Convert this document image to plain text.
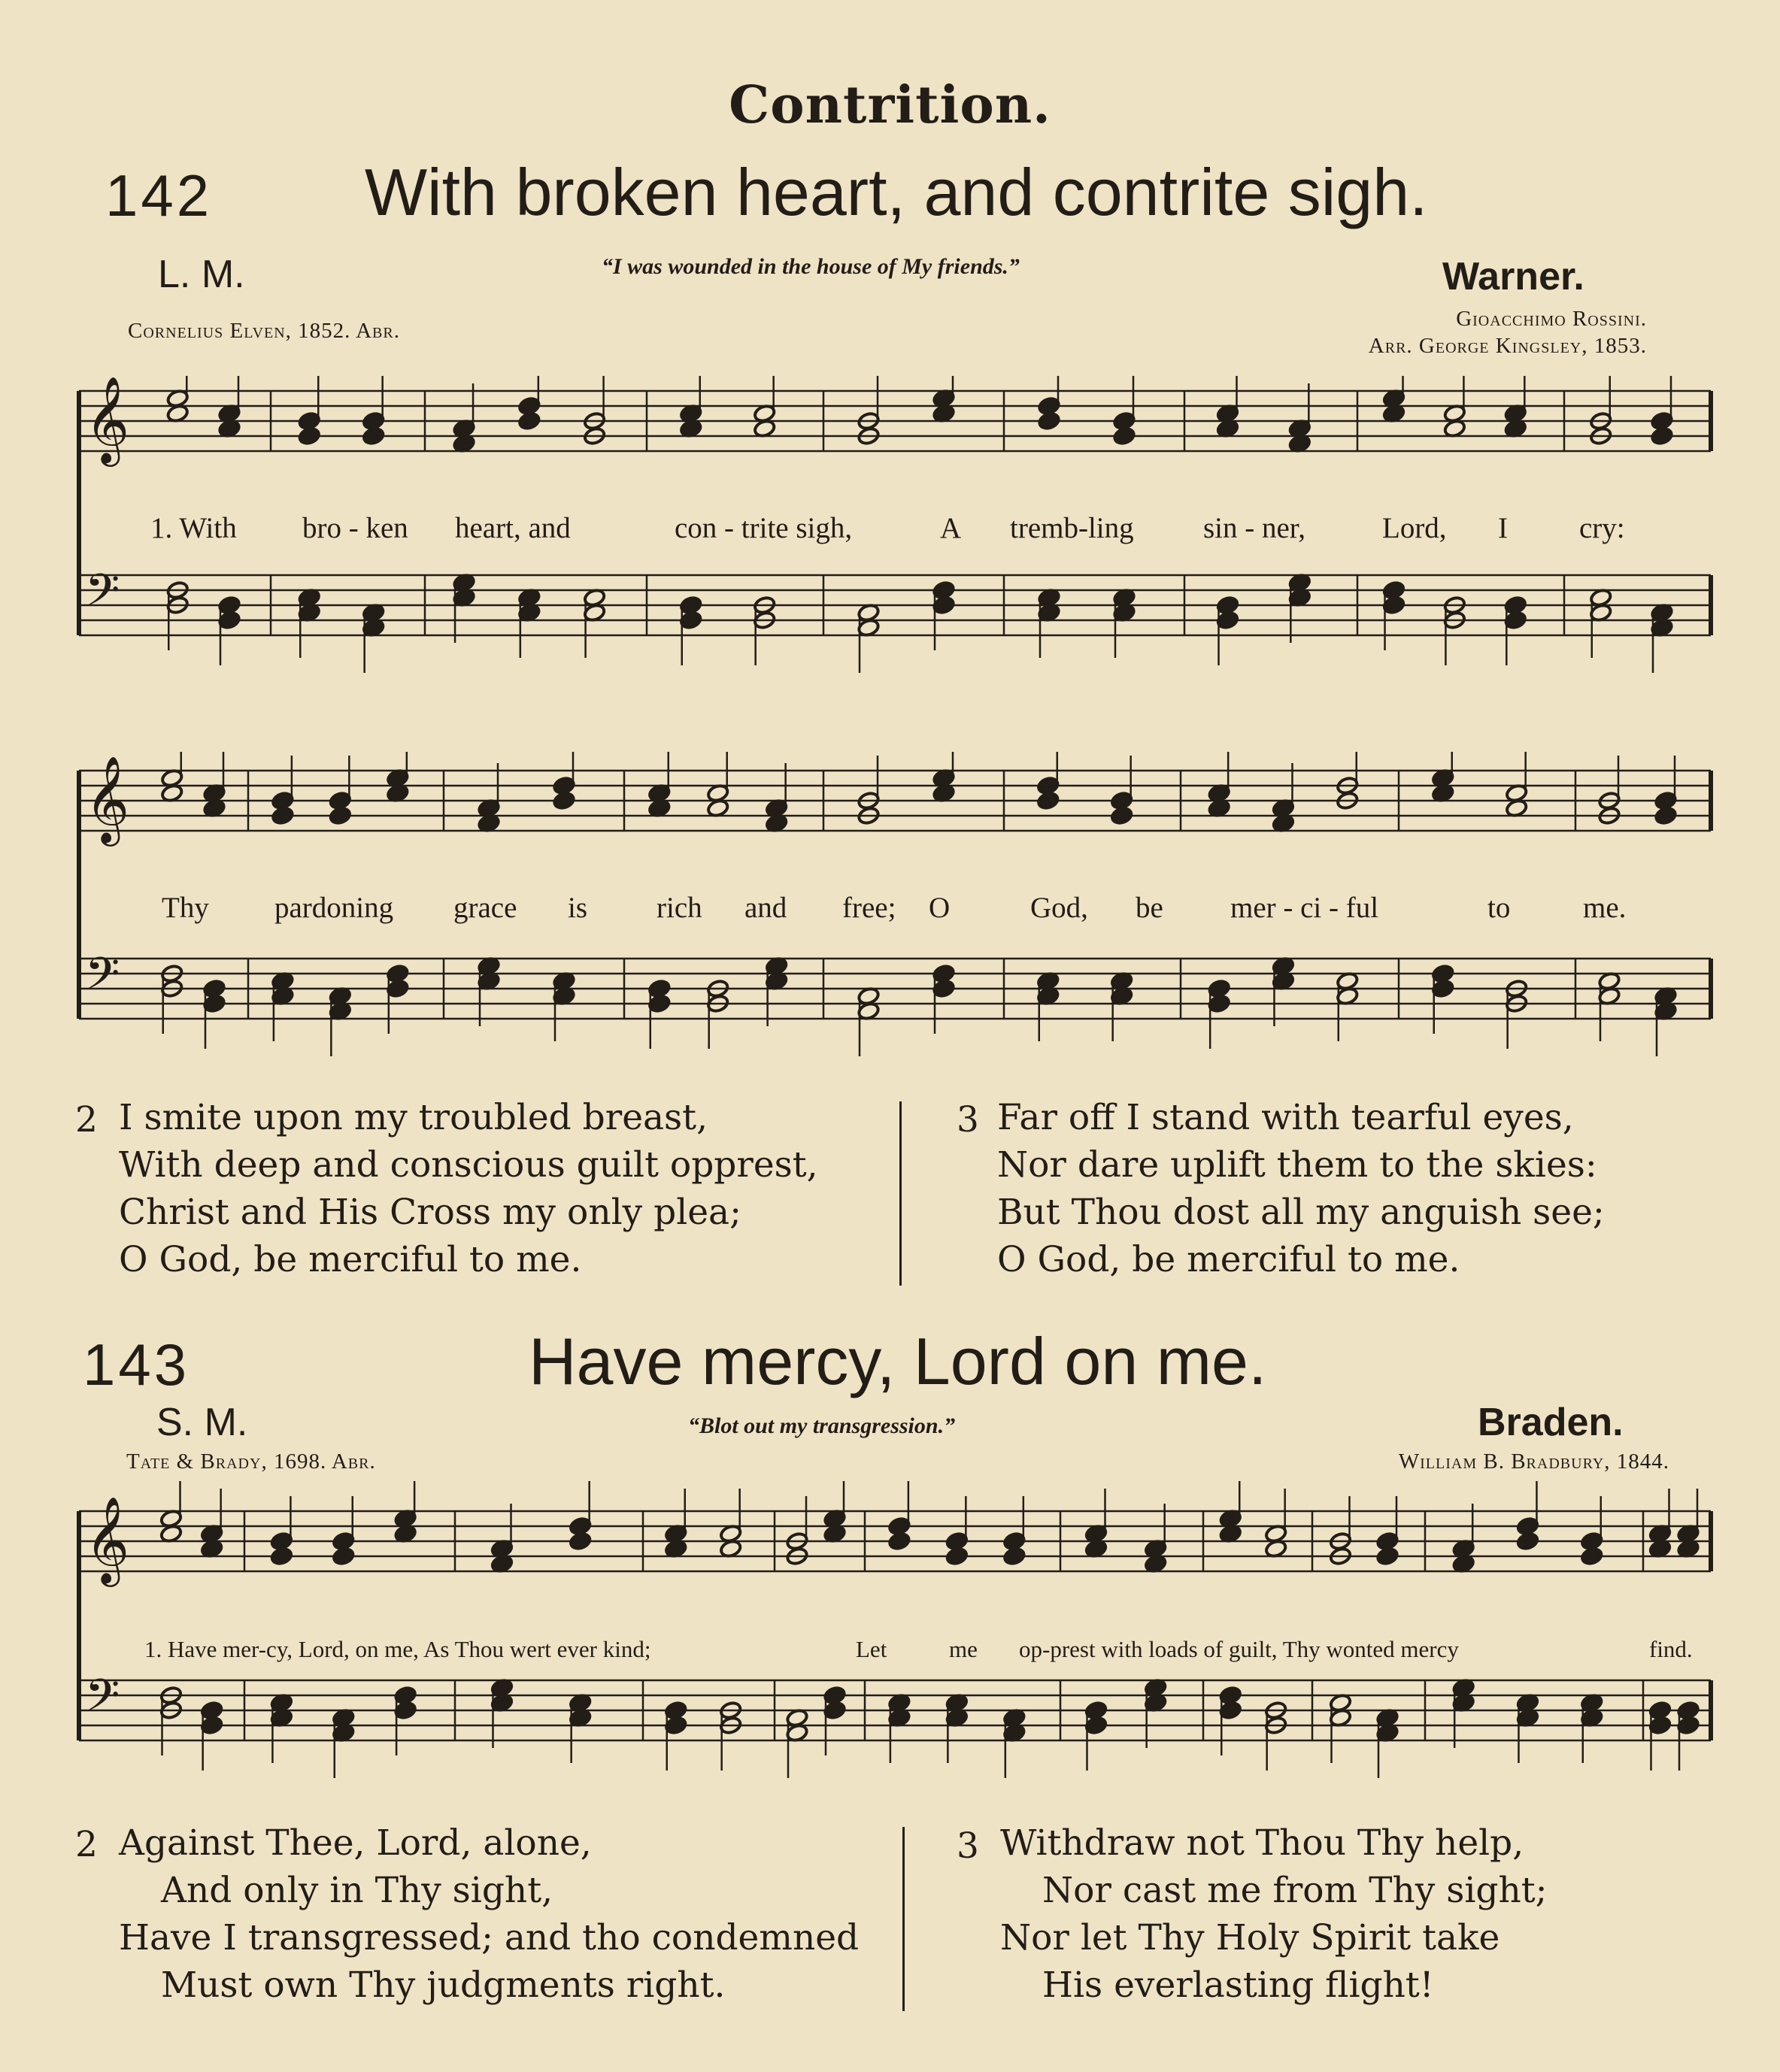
Contrition.
142 With broken heart, and contrite sigh.
L. M.	“I was wounded in the house of My friends.”	Warner.
Cornelius Elven, 1852. Abr.	Gioacchimo Rossini.
Arr. George Kingsley, 1853.
𝄞
𝄢
1. With bro - ken heart, and	con - trite sigh,	A tremb-ling sin - ner,	Lord, I cry:
𝄞
𝄢
Thy pardoning grace is rich and free; O	God, be mer - ci - ful	to me.
2 I smite upon my troubled breast,
With deep and conscious guilt opprest,
Christ and His Cross my only plea;
O God, be merciful to me.
3 Far off I stand with tearful eyes,
Nor dare uplift them to the skies:
But Thou dost all my anguish see;
O God, be merciful to me.
143	Have mercy, Lord on me.
S. M.	“Blot out my transgression.”	Braden.
Tate & Brady, 1698. Abr.	William B. Bradbury, 1844.
𝄞
𝄢
1. Have mer-cy, Lord, on me, As Thou wert ever kind;	Let	me op-prest with loads of guilt, Thy wonted mercy	find.
2 Against Thee, Lord, alone,
And only in Thy sight,
Have I transgressed; and tho condemned
Must own Thy judgments right.
3 Withdraw not Thou Thy help,
Nor cast me from Thy sight;
Nor let Thy Holy Spirit take
His everlasting flight!
